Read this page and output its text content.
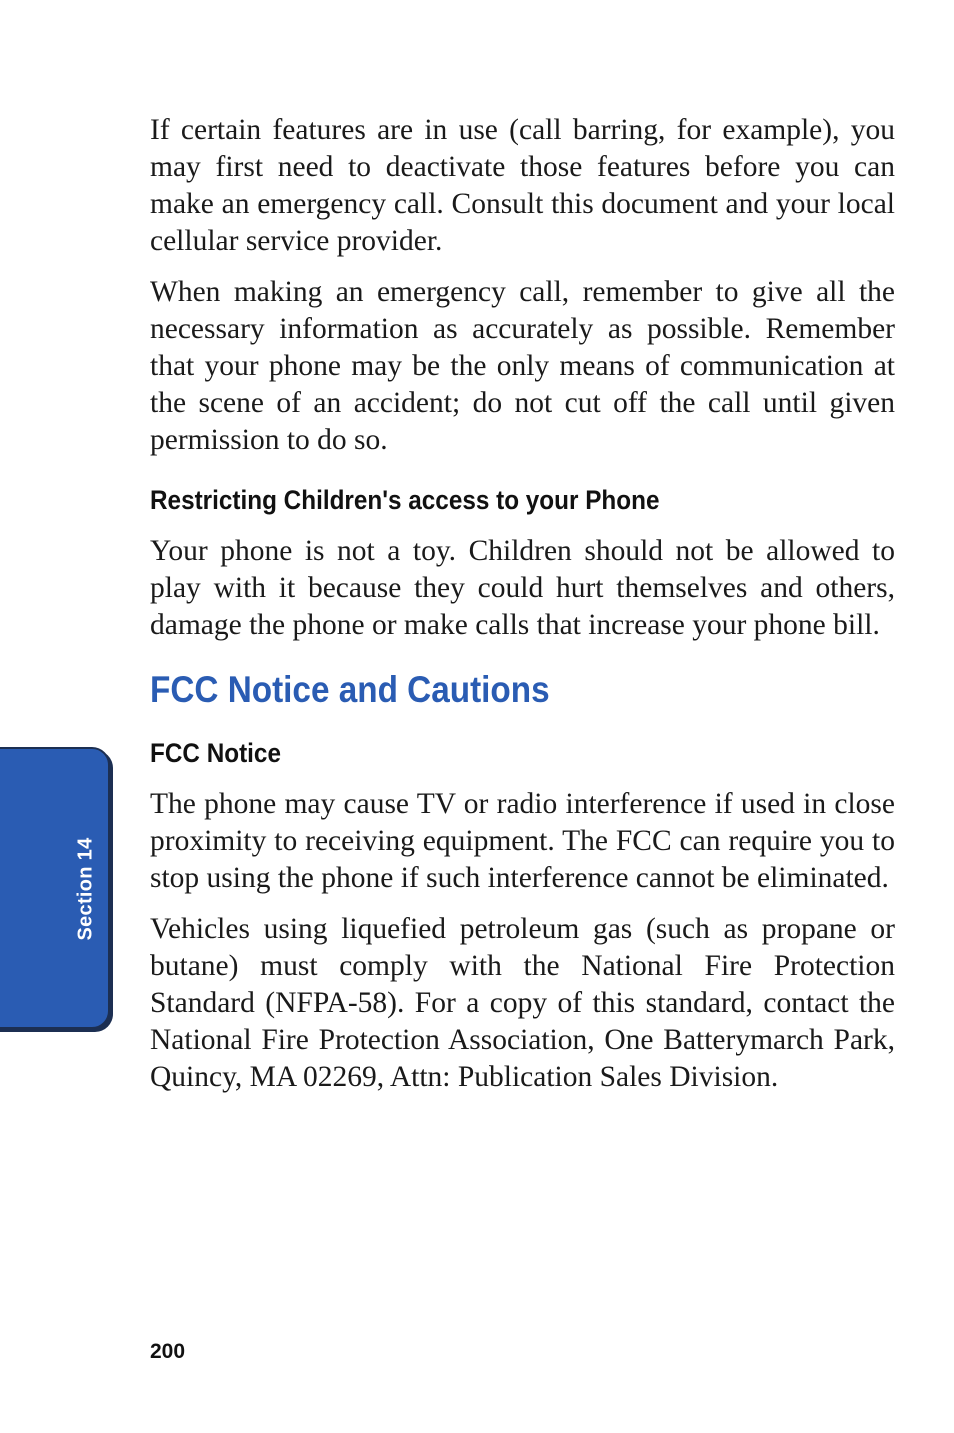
Section 14

If certain features are in use (call barring, for example), you may first need to deactivate those features before you can make an emergency call. Consult this document and your local cellular service provider.

When making an emergency call, remember to give all the necessary information as accurately as possible. Remember that your phone may be the only means of communication at the scene of an accident; do not cut off the call until given permission to do so.

Restricting Children's access to your Phone

Your phone is not a toy. Children should not be allowed to play with it because they could hurt themselves and others, damage the phone or make calls that increase your phone bill.

FCC Notice and Cautions
FCC Notice

The phone may cause TV or radio interference if used in close proximity to receiving equipment. The FCC can require you to stop using the phone if such interference cannot be eliminated.

Vehicles using liquefied petroleum gas (such as propane or butane) must comply with the National Fire Protection Standard (NFPA-58). For a copy of this standard, contact the National Fire Protection Association, One Batterymarch Park, Quincy, MA 02269, Attn: Publication Sales Division.

200
